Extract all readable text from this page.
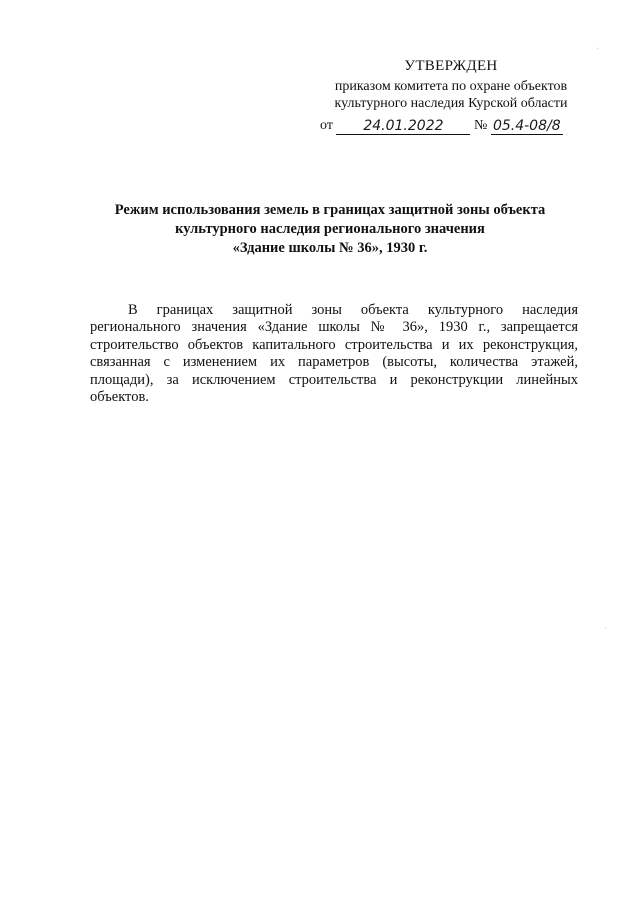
УТВЕРЖДЕН
приказом комитета по охране объектов
культурного наследия Курской области
от 24.01.2022 № 05.4-08/8
Режим использования земель в границах защитной зоны объекта
культурного наследия регионального значения
«Здание школы № 36», 1930 г.

В границах защитной зоны объекта культурного наследия регионального значения «Здание школы № 36», 1930 г., запрещается строительство объектов капитального строительства и их реконструкция, связанная с изменением их параметров (высоты, количества этажей, площади), за исключением строительства и реконструкции линейных объектов.

·
·
